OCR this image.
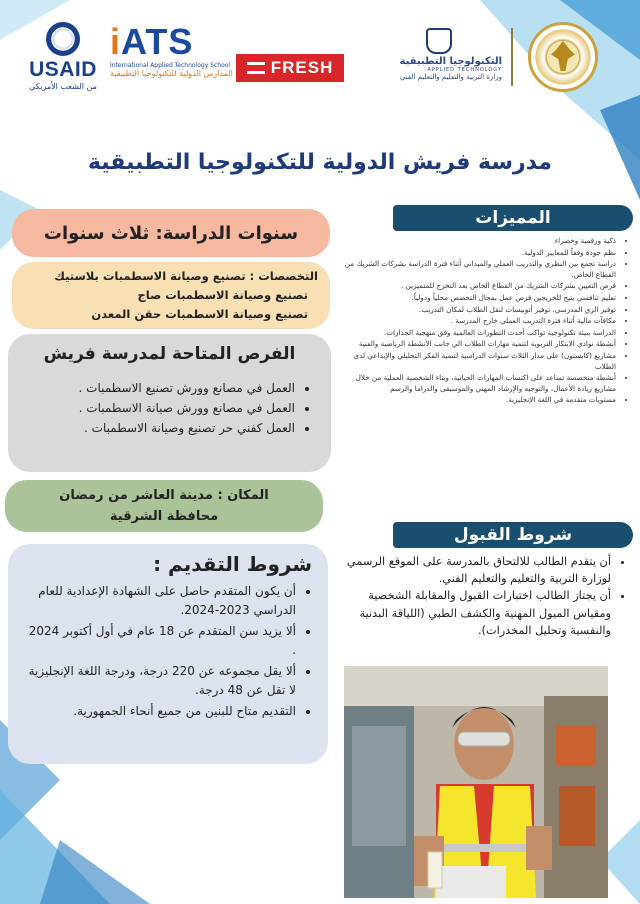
USAID
من الشعب الأمريكي
iATS
International Applied Technology School
المدارس الدولية للتكنولوجيا التطبيقية FRESH	التكنولوجيا التطبيقية
APPLIED TECHNOLOGY
وزارة التربية والتعليم والتعليم الفني
مدرسة فريش الدولية للتكنولوجيا التطبيقية
سنوات الدراسة: ثلاث سنوات
التخصصات : تصنيع وصيانة الاسطمبات بلاستيك
تصنيع وصيانة الاسطمبات صاج
تصنيع وصيانة الاسطمبات حقن المعدن
الفرص المتاحة لمدرسة فريش
• العمل في مصانع وورش تصنيع الاسطمبات .
• العمل في مصانع وورش صيانة الاسطمبات .
• العمل كفني حر تصنيع وصيانة الاسطمبات .
المكان : مدينة العاشر من رمضان
محافظة الشرقية
شروط التقديم :
• أن يكون المتقدم حاصل على الشهادة الإعدادية للعام الدراسي 2023-2024.
• ألا يزيد سن المتقدم عن 18 عام في أول أكتوبر 2024 .
• ألا يقل مجموعه عن 220 درجة، ودرجة اللغة الإنجليزية لا تقل عن 48 درجة.
• التقديم متاح للبنين من جميع أنحاء الجمهورية.
المميزات
• ذكية ورقمية وخضراء
• نظم جودة وفقاً للمعايير الدولية.
• دراسة تجمع بين النظري والتدريب العملي والميداني أثناء فترة الدراسة بشركات الشريك من القطاع الخاص.
• فرص التعيين بشركات الشريك من القطاع الخاص بعد التخرج للمتميزين .
• تعليم تنافسي يتيح للخريجين فرص عمل بمجال التخصص محلياً ودولياً.
• توفير الزي المدرسي. توفير أتوبيسات لنقل الطلاب لمكان التدريب.
• مكافآت مالية أثناء فترة التدريب العملي خارج المدرسة .
• الدراسة ببيئة تكنولوجية تواكب أحدث التطورات العالمية وفق منهجية الجدارات.
• أنشطة نوادي الابتكار التربوية لتنمية مهارات الطلاب الي جانب الأنشطة الرياضية والفنية
• مشاريع (كابستون) على مدار الثلاث سنوات الدراسية لتنمية الفكر التحليلي والإبداعي لدى الطلاب
• أنشطة متخصصة تساعد على اكتساب المهارات الحياتية، وبناء الشخصية العملية من خلال مشاريع ريادة الأعمال، والتوجيه والإرشاد المهني والموسيقى والدراما والرسم
• مستويات متقدمة في اللغة الإنجليزية.
شروط القبول
• أن يتقدم الطالب للالتحاق بالمدرسة على الموقع الرسمي لوزارة التربية والتعليم والتعليم الفني.
• أن يجتاز الطالب اختبارات القبول والمقابلة الشخصية ومقياس الميول المهنية والكشف الطبي (اللياقة البدنية والنفسية وتحليل المخدرات).
